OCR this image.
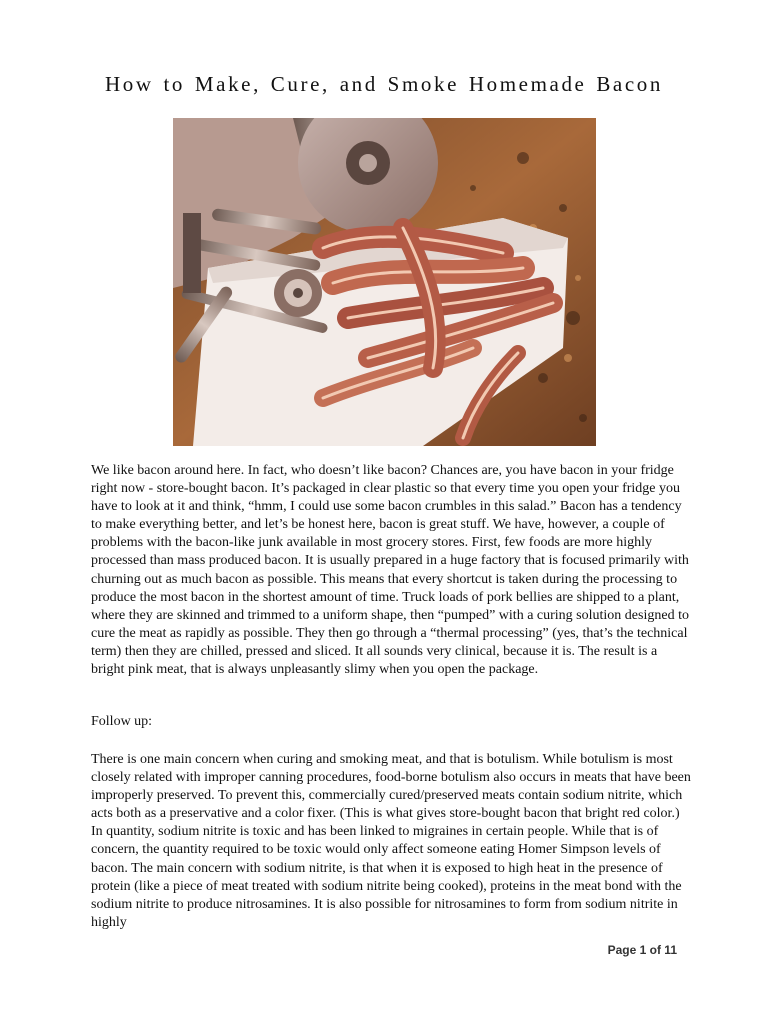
How to Make, Cure, and Smoke Homemade Bacon

We like bacon around here. In fact, who doesn’t like bacon? Chances are, you have bacon in your fridge right now - store-bought bacon. It’s packaged in clear plastic so that every time you open your fridge you have to look at it and think, “hmm, I could use some bacon crumbles in this salad.” Bacon has a tendency to make everything better, and let’s be honest here, bacon is great stuff. We have, however, a couple of problems with the bacon-like junk available in most grocery stores. First, few foods are more highly processed than mass produced bacon. It is usually prepared in a huge factory that is focused primarily with churning out as much bacon as possible. This means that every shortcut is taken during the processing to produce the most bacon in the shortest amount of time. Truck loads of pork bellies are shipped to a plant, where they are skinned and trimmed to a uniform shape, then “pumped” with a curing solution designed to cure the meat as rapidly as possible. They then go through a “thermal processing” (yes, that’s the technical term) then they are chilled, pressed and sliced. It all sounds very clinical, because it is. The result is a bright pink meat, that is always unpleasantly slimy when you open the package.

Follow up:

There is one main concern when curing and smoking meat, and that is botulism. While botulism is most closely related with improper canning procedures, food-borne botulism also occurs in meats that have been improperly preserved. To prevent this, commercially cured/preserved meats contain sodium nitrite, which acts both as a preservative and a color fixer. (This is what gives store-bought bacon that bright red color.) In quantity, sodium nitrite is toxic and has been linked to migraines in certain people. While that is of concern, the quantity required to be toxic would only affect someone eating Homer Simpson levels of bacon. The main concern with sodium nitrite, is that when it is exposed to high heat in the presence of protein (like a piece of meat treated with sodium nitrite being cooked), proteins in the meat bond with the sodium nitrite to produce nitrosamines. It is also possible for nitrosamines to form from sodium nitrite in highly

Page 1 of 11
